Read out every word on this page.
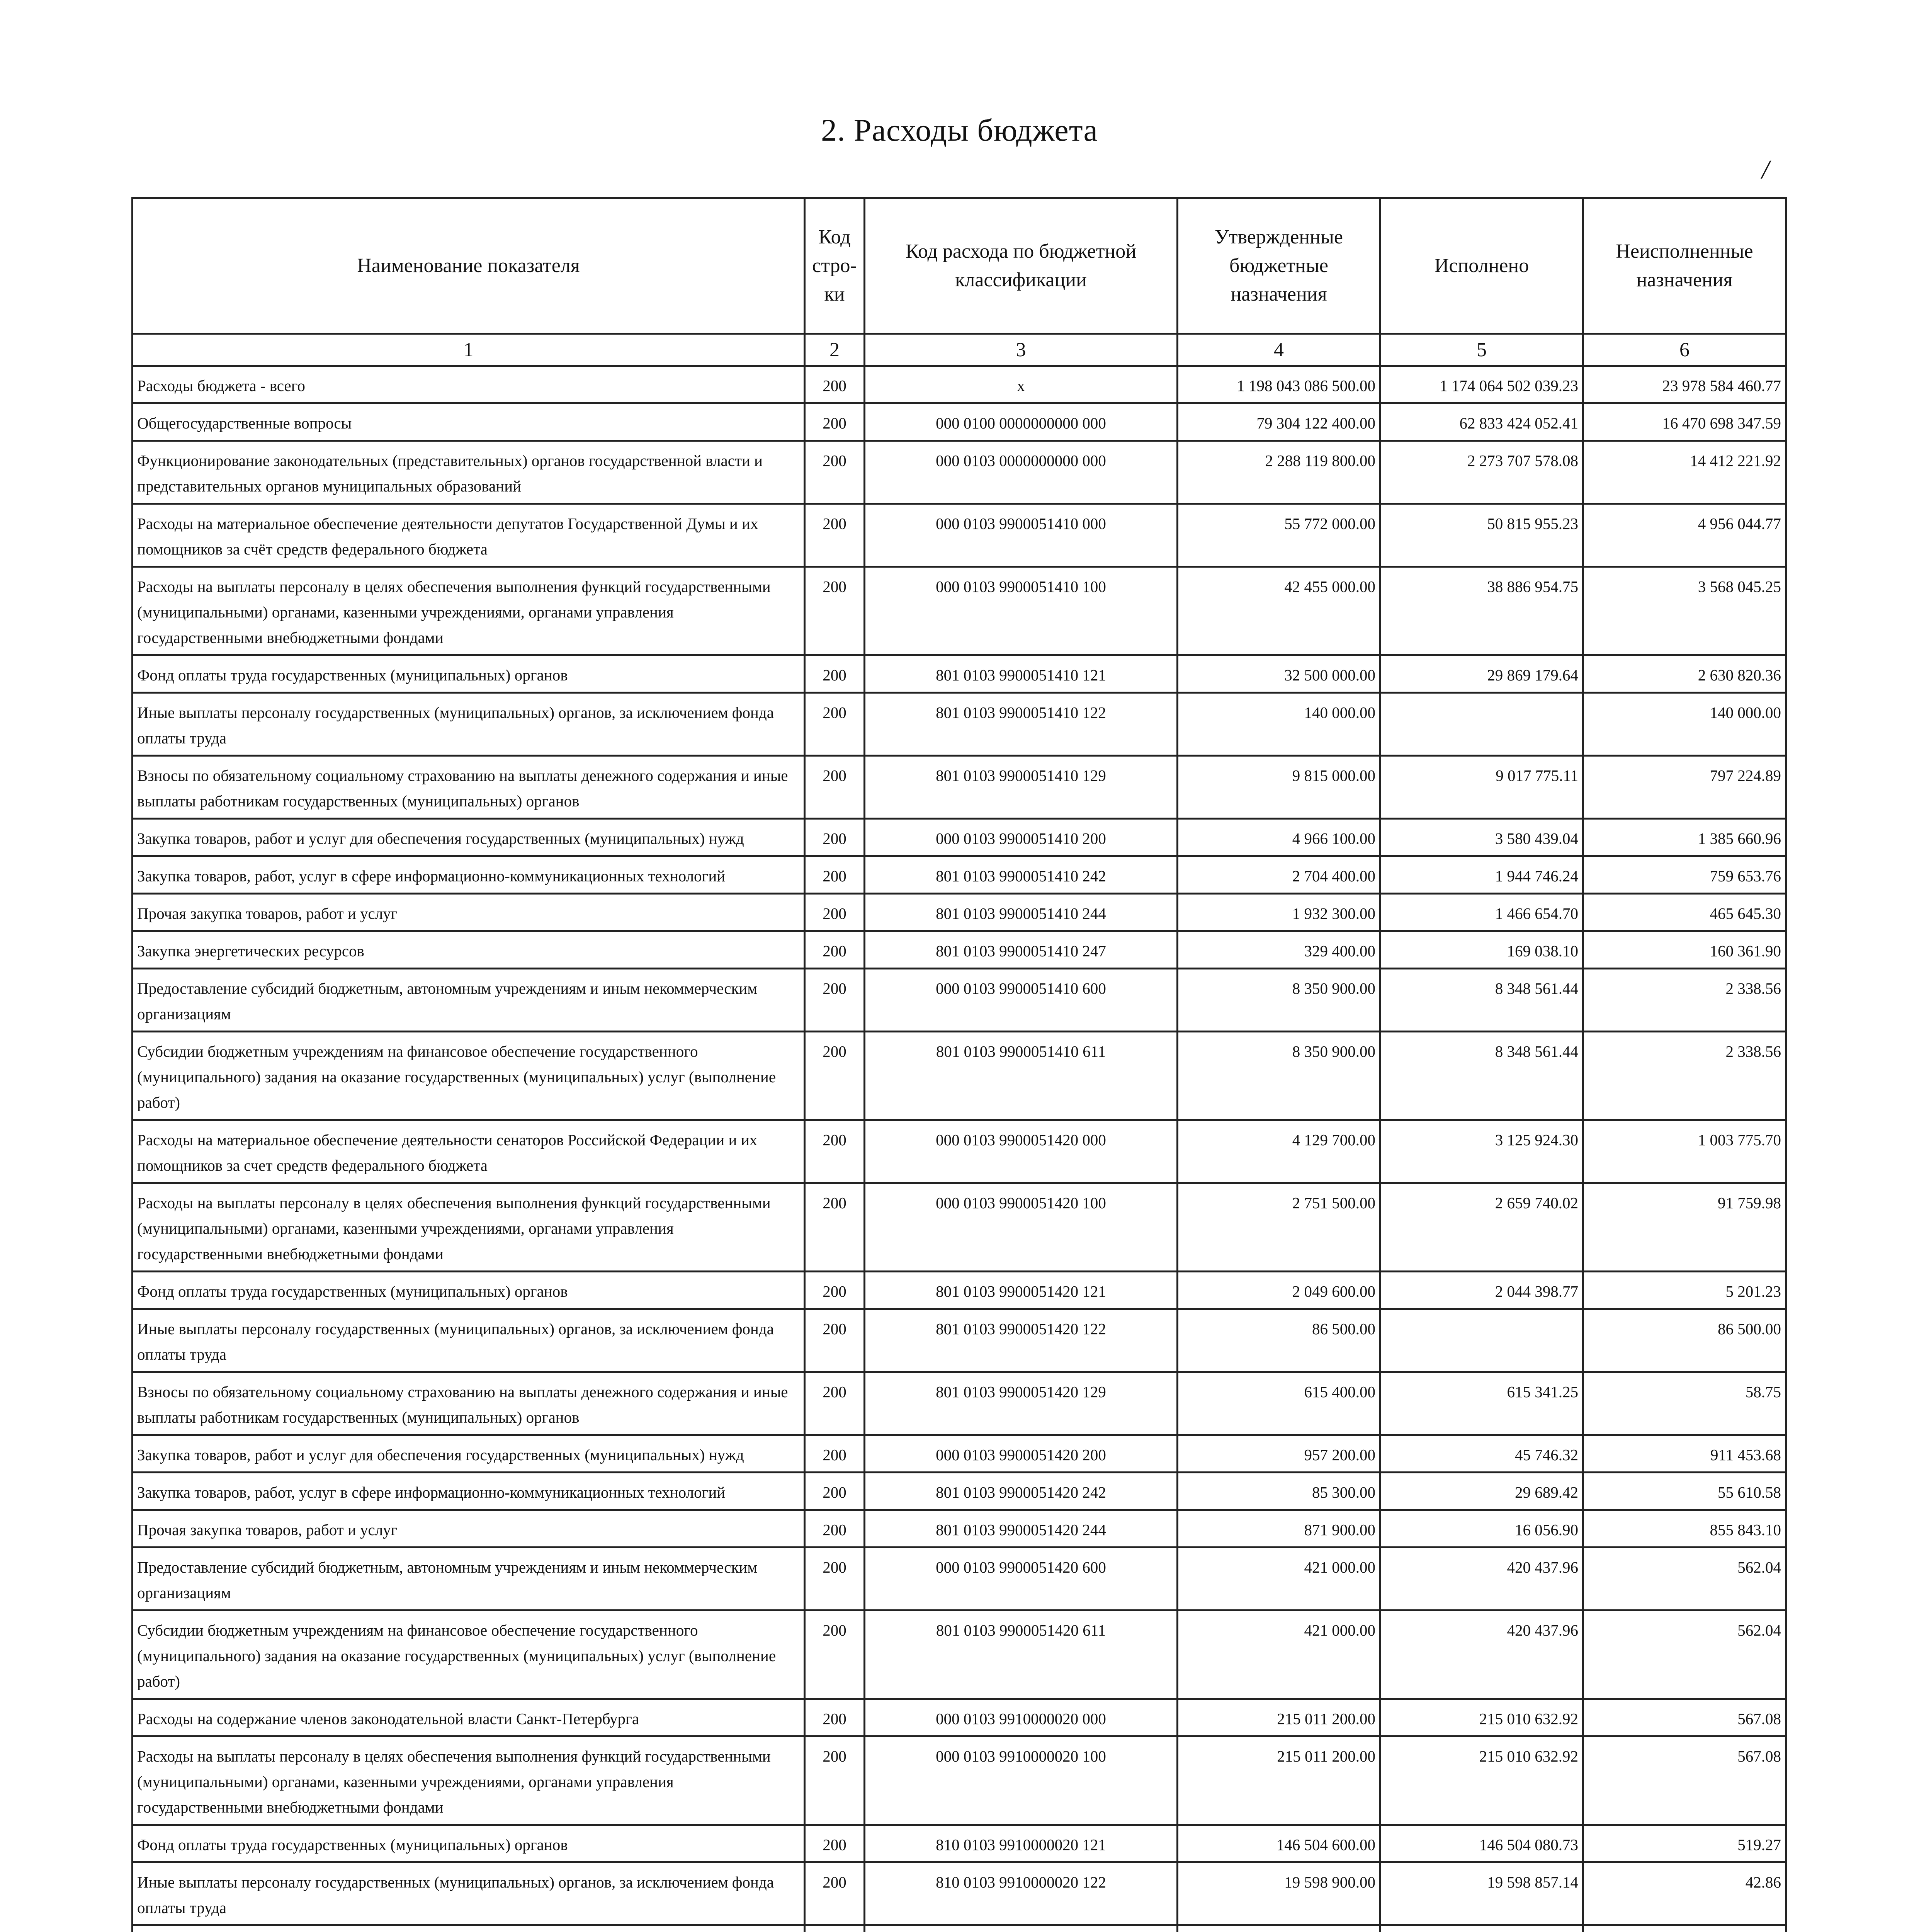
2. Расходы бюджета
/
Наименование показателя	Код стро-ки	Код расхода по бюджетной классификации	Утвержденные бюджетные назначения	Исполнено	Неисполненные назначения
1	2	3	4	5	6
Расходы бюджета - всего	200	x	1 198 043 086 500.00	1 174 064 502 039.23	23 978 584 460.77
Общегосударственные вопросы	200	000 0100 0000000000 000	79 304 122 400.00	62 833 424 052.41	16 470 698 347.59
Функционирование законодательных (представительных) органов государственной власти и представительных органов муниципальных образований	200	000 0103 0000000000 000	2 288 119 800.00	2 273 707 578.08	14 412 221.92
Расходы на материальное обеспечение деятельности депутатов Государственной Думы и их помощников за счёт средств федерального бюджета	200	000 0103 9900051410 000	55 772 000.00	50 815 955.23	4 956 044.77
Расходы на выплаты персоналу в целях обеспечения выполнения функций государственными (муниципальными) органами, казенными учреждениями, органами управления государственными внебюджетными фондами	200	000 0103 9900051410 100	42 455 000.00	38 886 954.75	3 568 045.25
Фонд оплаты труда государственных (муниципальных) органов	200	801 0103 9900051410 121	32 500 000.00	29 869 179.64	2 630 820.36
Иные выплаты персоналу государственных (муниципальных) органов, за исключением фонда оплаты труда	200	801 0103 9900051410 122	140 000.00		140 000.00
Взносы по обязательному социальному страхованию на выплаты денежного содержания и иные выплаты работникам государственных (муниципальных) органов	200	801 0103 9900051410 129	9 815 000.00	9 017 775.11	797 224.89
Закупка товаров, работ и услуг для обеспечения государственных (муниципальных) нужд	200	000 0103 9900051410 200	4 966 100.00	3 580 439.04	1 385 660.96
Закупка товаров, работ, услуг в сфере информационно-коммуникационных технологий	200	801 0103 9900051410 242	2 704 400.00	1 944 746.24	759 653.76
Прочая закупка товаров, работ и услуг	200	801 0103 9900051410 244	1 932 300.00	1 466 654.70	465 645.30
Закупка энергетических ресурсов	200	801 0103 9900051410 247	329 400.00	169 038.10	160 361.90
Предоставление субсидий бюджетным, автономным учреждениям и иным некоммерческим организациям	200	000 0103 9900051410 600	8 350 900.00	8 348 561.44	2 338.56
Субсидии бюджетным учреждениям на финансовое обеспечение государственного (муниципального) задания на оказание государственных (муниципальных) услуг (выполнение работ)	200	801 0103 9900051410 611	8 350 900.00	8 348 561.44	2 338.56
Расходы на материальное обеспечение деятельности сенаторов Российской Федерации и их помощников за счет средств федерального бюджета	200	000 0103 9900051420 000	4 129 700.00	3 125 924.30	1 003 775.70
Расходы на выплаты персоналу в целях обеспечения выполнения функций государственными (муниципальными) органами, казенными учреждениями, органами управления государственными внебюджетными фондами	200	000 0103 9900051420 100	2 751 500.00	2 659 740.02	91 759.98
Фонд оплаты труда государственных (муниципальных) органов	200	801 0103 9900051420 121	2 049 600.00	2 044 398.77	5 201.23
Иные выплаты персоналу государственных (муниципальных) органов, за исключением фонда оплаты труда	200	801 0103 9900051420 122	86 500.00		86 500.00
Взносы по обязательному социальному страхованию на выплаты денежного содержания и иные выплаты работникам государственных (муниципальных) органов	200	801 0103 9900051420 129	615 400.00	615 341.25	58.75
Закупка товаров, работ и услуг для обеспечения государственных (муниципальных) нужд	200	000 0103 9900051420 200	957 200.00	45 746.32	911 453.68
Закупка товаров, работ, услуг в сфере информационно-коммуникационных технологий	200	801 0103 9900051420 242	85 300.00	29 689.42	55 610.58
Прочая закупка товаров, работ и услуг	200	801 0103 9900051420 244	871 900.00	16 056.90	855 843.10
Предоставление субсидий бюджетным, автономным учреждениям и иным некоммерческим организациям	200	000 0103 9900051420 600	421 000.00	420 437.96	562.04
Субсидии бюджетным учреждениям на финансовое обеспечение государственного (муниципального) задания на оказание государственных (муниципальных) услуг (выполнение работ)	200	801 0103 9900051420 611	421 000.00	420 437.96	562.04
Расходы на содержание членов законодательной власти Санкт-Петербурга	200	000 0103 9910000020 000	215 011 200.00	215 010 632.92	567.08
Расходы на выплаты персоналу в целях обеспечения выполнения функций государственными (муниципальными) органами, казенными учреждениями, органами управления государственными внебюджетными фондами	200	000 0103 9910000020 100	215 011 200.00	215 010 632.92	567.08
Фонд оплаты труда государственных (муниципальных) органов	200	810 0103 9910000020 121	146 504 600.00	146 504 080.73	519.27
Иные выплаты персоналу государственных (муниципальных) органов, за исключением фонда оплаты труда	200	810 0103 9910000020 122	19 598 900.00	19 598 857.14	42.86
